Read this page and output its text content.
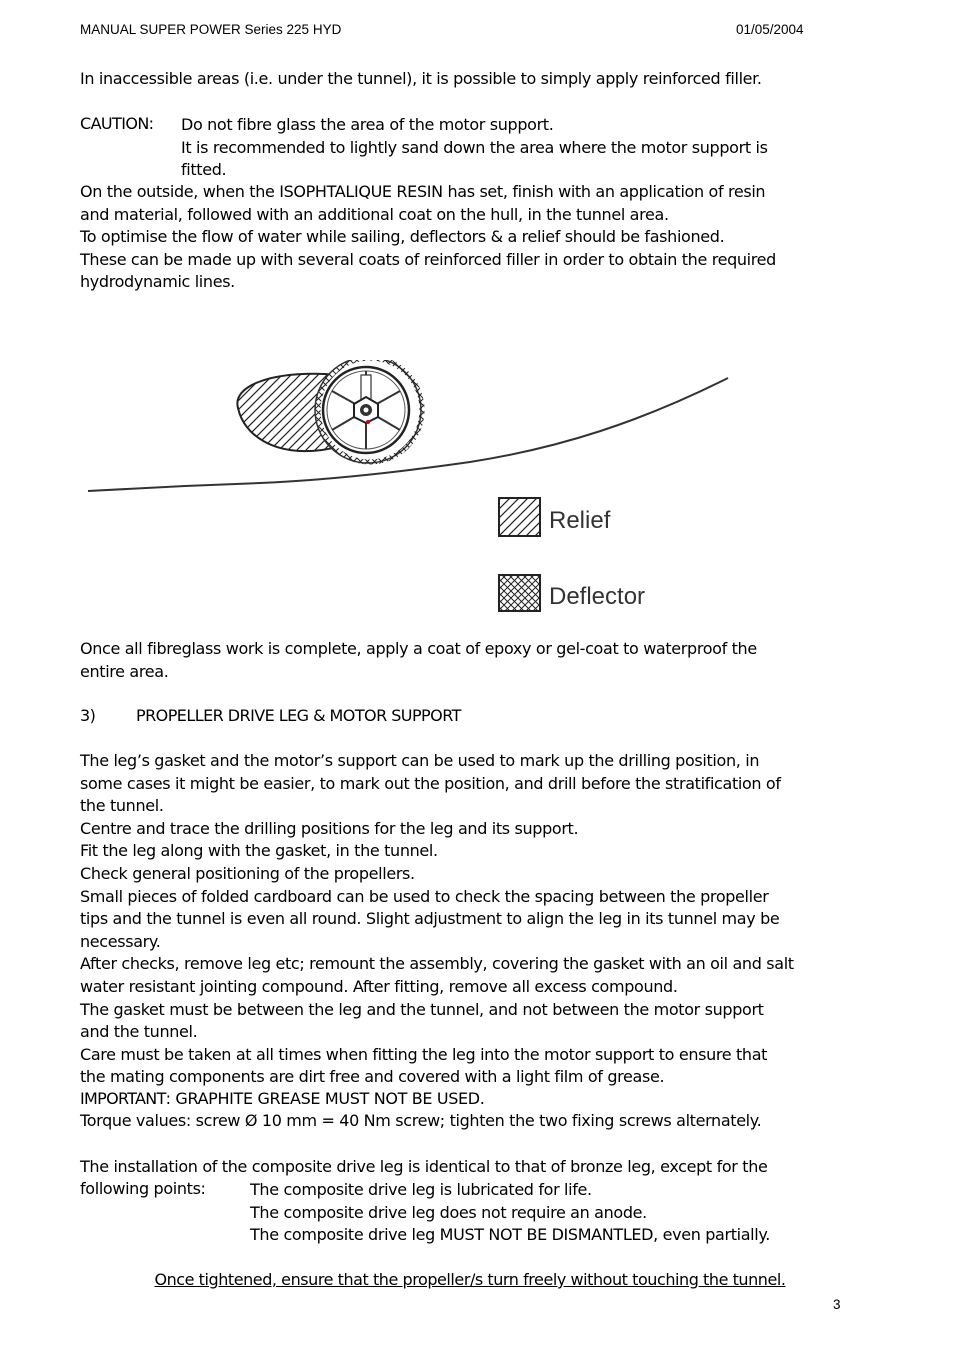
MANUAL SUPER POWER Series 225 HYD	01/05/2004
In inaccessible areas (i.e. under the tunnel), it is possible to simply apply reinforced filler.
CAUTION: Do not fibre glass the area of the motor support.
It is recommended to lightly sand down the area where the motor support is
fitted.
On the outside, when the ISOPHTALIQUE RESIN has set, finish with an application of resin
and material, followed with an additional coat on the hull, in the tunnel area.
To optimise the flow of water while sailing, deflectors & a relief should be fashioned.
These can be made up with several coats of reinforced filler in order to obtain the required
hydrodynamic lines.
Relief
Deflector
Once all fibreglass work is complete, apply a coat of epoxy or gel-coat to waterproof the
entire area.
3)	PROPELLER DRIVE LEG & MOTOR SUPPORT
The leg’s gasket and the motor’s support can be used to mark up the drilling position, in
some cases it might be easier, to mark out the position, and drill before the stratification of
the tunnel.
Centre and trace the drilling positions for the leg and its support.
Fit the leg along with the gasket, in the tunnel.
Check general positioning of the propellers.
Small pieces of folded cardboard can be used to check the spacing between the propeller
tips and the tunnel is even all round. Slight adjustment to align the leg in its tunnel may be
necessary.
After checks, remove leg etc; remount the assembly, covering the gasket with an oil and salt
water resistant jointing compound. After fitting, remove all excess compound.
The gasket must be between the leg and the tunnel, and not between the motor support
and the tunnel.
Care must be taken at all times when fitting the leg into the motor support to ensure that
the mating components are dirt free and covered with a light film of grease.
IMPORTANT: GRAPHITE GREASE MUST NOT BE USED.
Torque values: screw Ø 10 mm = 40 Nm screw; tighten the two fixing screws alternately.
The installation of the composite drive leg is identical to that of bronze leg, except for the
following points:	The composite drive leg is lubricated for life.
The composite drive leg does not require an anode.
The composite drive leg MUST NOT BE DISMANTLED, even partially.
Once tightened, ensure that the propeller/s turn freely without touching the tunnel.
3
